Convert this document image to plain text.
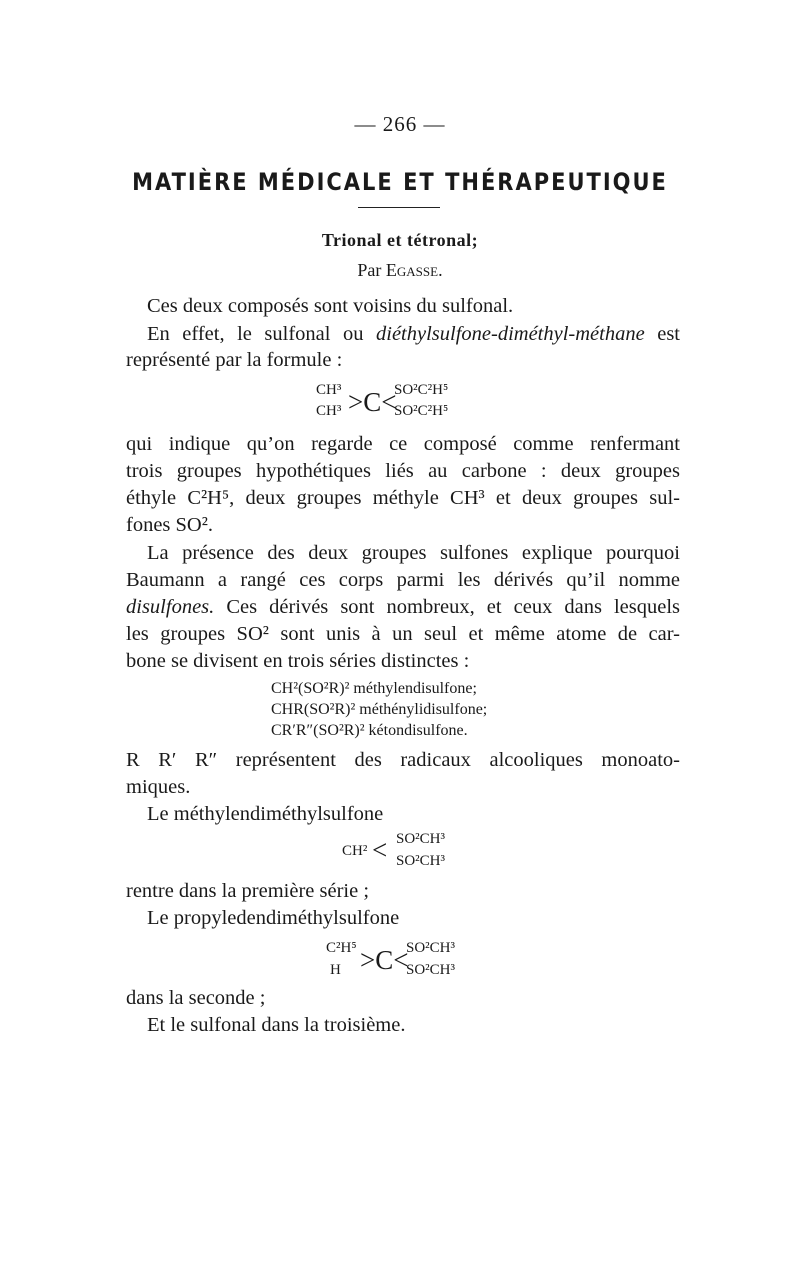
— 266 —
MATIÈRE MÉDICALE ET THÉRAPEUTIQUE
Trional et tétronal;
Par Egasse.
Ces deux composés sont voisins du sulfonal.
En effet, le sulfonal ou diéthylsulfone-diméthyl-méthane est
représenté par la formule :
CH³
CH³ >C<
SO²C²H⁵
SO²C²H⁵
qui indique qu’on regarde ce composé comme renfermant
trois groupes hypothétiques liés au carbone : deux groupes
éthyle C²H⁵, deux groupes méthyle CH³ et deux groupes sul-
fones SO².
La présence des deux groupes sulfones explique pourquoi
Baumann a rangé ces corps parmi les dérivés qu’il nomme
disulfones. Ces dérivés sont nombreux, et ceux dans lesquels
les groupes SO² sont unis à un seul et même atome de car-
bone se divisent en trois séries distinctes :
CH²(SO²R)² méthylendisulfone;
CHR(SO²R)² méthénylidisulfone;
CR′R″(SO²R)² kétondisulfone.
R R′ R″ représentent des radicaux alcooliques monoato-
miques.
Le méthylendiméthylsulfone
CH² < SO²CH³
SO²CH³
rentre dans la première série ;
Le propyledendiméthylsulfone
C²H⁵
H >C<
SO²CH³
SO²CH³
dans la seconde ;
Et le sulfonal dans la troisième.
